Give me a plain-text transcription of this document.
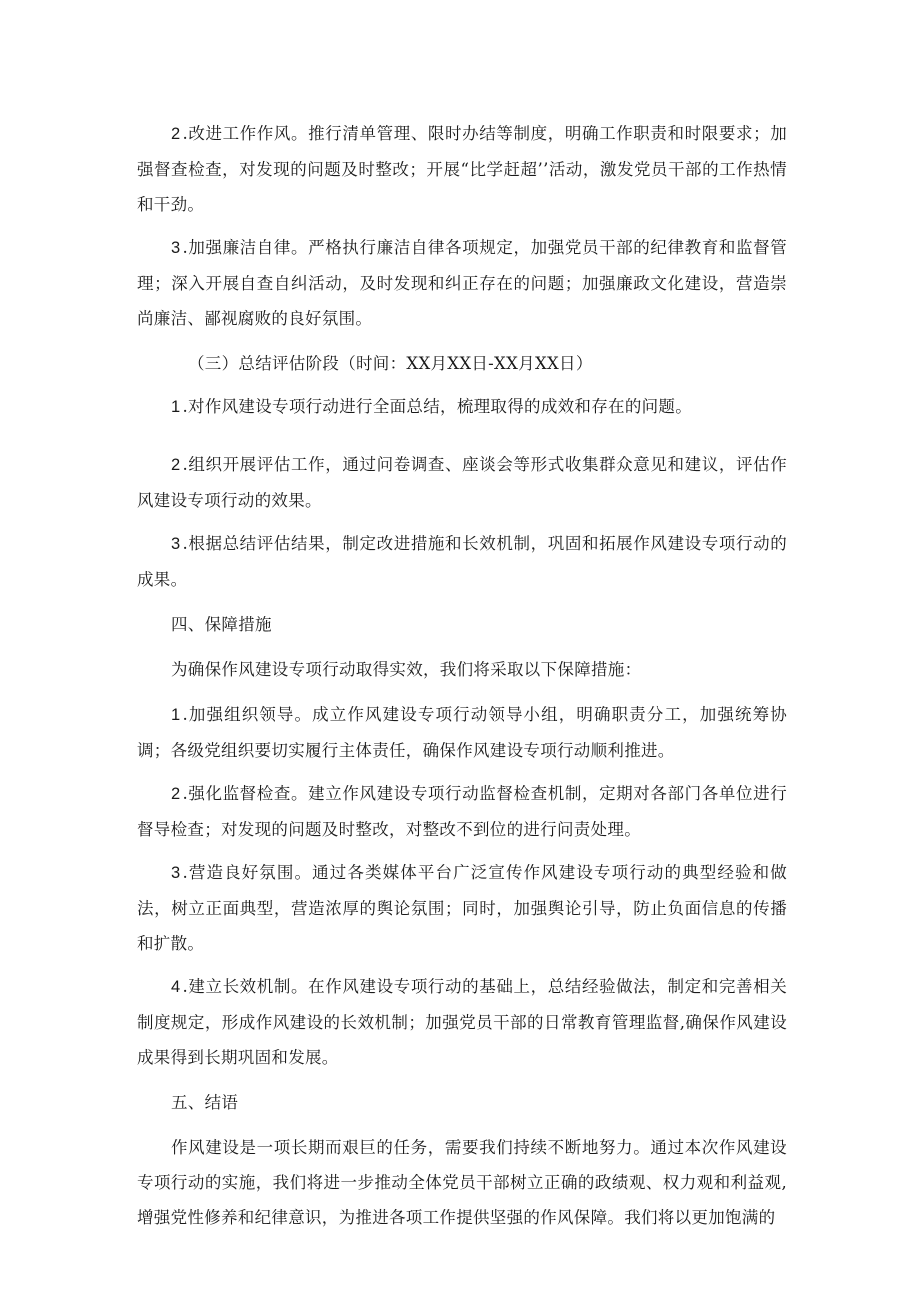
2 .改进工作作风。推行清单管理、限时办结等制度，明确工作职责和时限要求；加强督查检查，对发现的问题及时整改；开展“比学赶超’’活动，激发党员干部的工作热情和干劲。

3 .加强廉洁自律。严格执行廉洁自律各项规定，加强党员干部的纪律教育和监督管理；深入开展自查自纠活动，及时发现和纠正存在的问题；加强廉政文化建设，营造崇尚廉洁、鄙视腐败的良好氛围。

（三）总结评估阶段（时间：XX月XX日-XX月XX日）

1 .对作风建设专项行动进行全面总结，梳理取得的成效和存在的问题。

2 .组织开展评估工作，通过问卷调查、座谈会等形式收集群众意见和建议，评估作风建设专项行动的效果。

3 .根据总结评估结果，制定改进措施和长效机制，巩固和拓展作风建设专项行动的成果。

四、保障措施

为确保作风建设专项行动取得实效，我们将采取以下保障措施：

1 .加强组织领导。成立作风建设专项行动领导小组，明确职责分工，加强统筹协调；各级党组织要切实履行主体责任，确保作风建设专项行动顺利推进。

2 .强化监督检查。建立作风建设专项行动监督检查机制，定期对各部门各单位进行督导检查；对发现的问题及时整改，对整改不到位的进行问责处理。

3 .营造良好氛围。通过各类媒体平台广泛宣传作风建设专项行动的典型经验和做法，树立正面典型，营造浓厚的舆论氛围；同时，加强舆论引导，防止负面信息的传播和扩散。

4 .建立长效机制。在作风建设专项行动的基础上，总结经验做法，制定和完善相关制度规定，形成作风建设的长效机制；加强党员干部的日常教育管理监督,确保作风建设成果得到长期巩固和发展。

五、结语

作风建设是一项长期而艰巨的任务，需要我们持续不断地努力。通过本次作风建设专项行动的实施，我们将进一步推动全体党员干部树立正确的政绩观、权力观和利益观,增强党性修养和纪律意识，为推进各项工作提供坚强的作风保障。我们将以更加饱满的
